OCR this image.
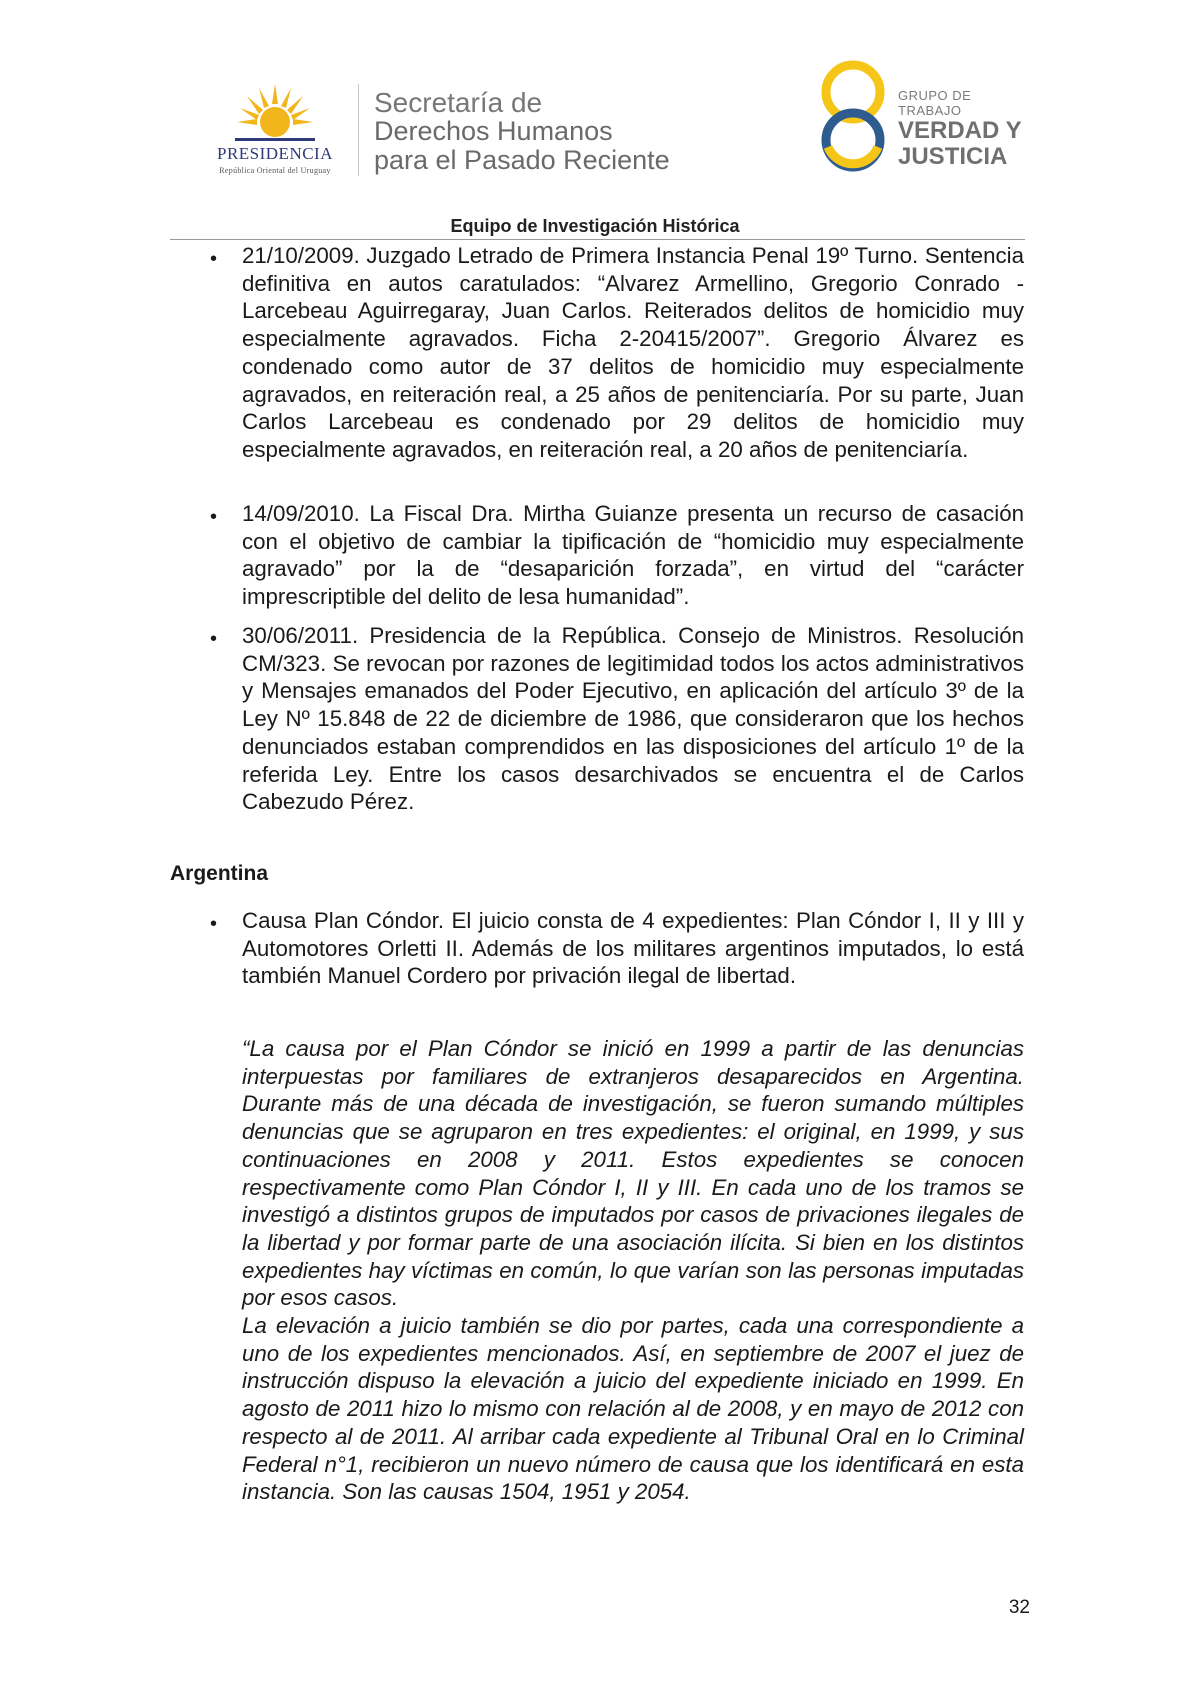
PRESIDENCIA
República Oriental del Uruguay
Secretaría de
Derechos Humanos
para el Pasado Reciente
GRUPO DE TRABAJO
VERDAD Y
JUSTICIA
Equipo de Investigación Histórica
• 21/10/2009. Juzgado Letrado de Primera Instancia Penal 19º Turno. Sentencia definitiva en autos caratulados: “Alvarez Armellino, Gregorio Conrado - Larcebeau Aguirregaray, Juan Carlos. Reiterados delitos de homicidio muy especialmente agravados. Ficha 2-20415/2007”. Gregorio Álvarez es condenado como autor de 37 delitos de homicidio muy especialmente agravados, en reiteración real, a 25 años de penitenciaría. Por su parte, Juan Carlos Larcebeau es condenado por 29 delitos de homicidio muy especialmente agravados, en reiteración real, a 20 años de penitenciaría.
• 14/09/2010. La Fiscal Dra. Mirtha Guianze presenta un recurso de casación con el objetivo de cambiar la tipificación de “homicidio muy especialmente agravado” por la de “desaparición forzada”, en virtud del “carácter imprescriptible del delito de lesa humanidad”.
• 30/06/2011. Presidencia de la República. Consejo de Ministros. Resolución CM/323. Se revocan por razones de legitimidad todos los actos administrativos y Mensajes emanados del Poder Ejecutivo, en aplicación del artículo 3º de la Ley Nº 15.848 de 22 de diciembre de 1986, que consideraron que los hechos denunciados estaban comprendidos en las disposiciones del artículo 1º de la referida Ley. Entre los casos desarchivados se encuentra el de Carlos Cabezudo Pérez.
Argentina
• Causa Plan Cóndor. El juicio consta de 4 expedientes: Plan Cóndor I, II y III y Automotores Orletti II. Además de los militares argentinos imputados, lo está también Manuel Cordero por privación ilegal de libertad.
“La causa por el Plan Cóndor se inició en 1999 a partir de las denuncias interpuestas por familiares de extranjeros desaparecidos en Argentina. Durante más de una década de investigación, se fueron sumando múltiples denuncias que se agruparon en tres expedientes: el original, en 1999, y sus continuaciones en 2008 y 2011. Estos expedientes se conocen respectivamente como Plan Cóndor I, II y III. En cada uno de los tramos se investigó a distintos grupos de imputados por casos de privaciones ilegales de la libertad y por formar parte de una asociación ilícita. Si bien en los distintos expedientes hay víctimas en común, lo que varían son las personas imputadas por esos casos.
La elevación a juicio también se dio por partes, cada una correspondiente a uno de los expedientes mencionados. Así, en septiembre de 2007 el juez de instrucción dispuso la elevación a juicio del expediente iniciado en 1999. En agosto de 2011 hizo lo mismo con relación al de 2008, y en mayo de 2012 con respecto al de 2011. Al arribar cada expediente al Tribunal Oral en lo Criminal Federal n°1, recibieron un nuevo número de causa que los identificará en esta instancia. Son las causas 1504, 1951 y 2054.
32
